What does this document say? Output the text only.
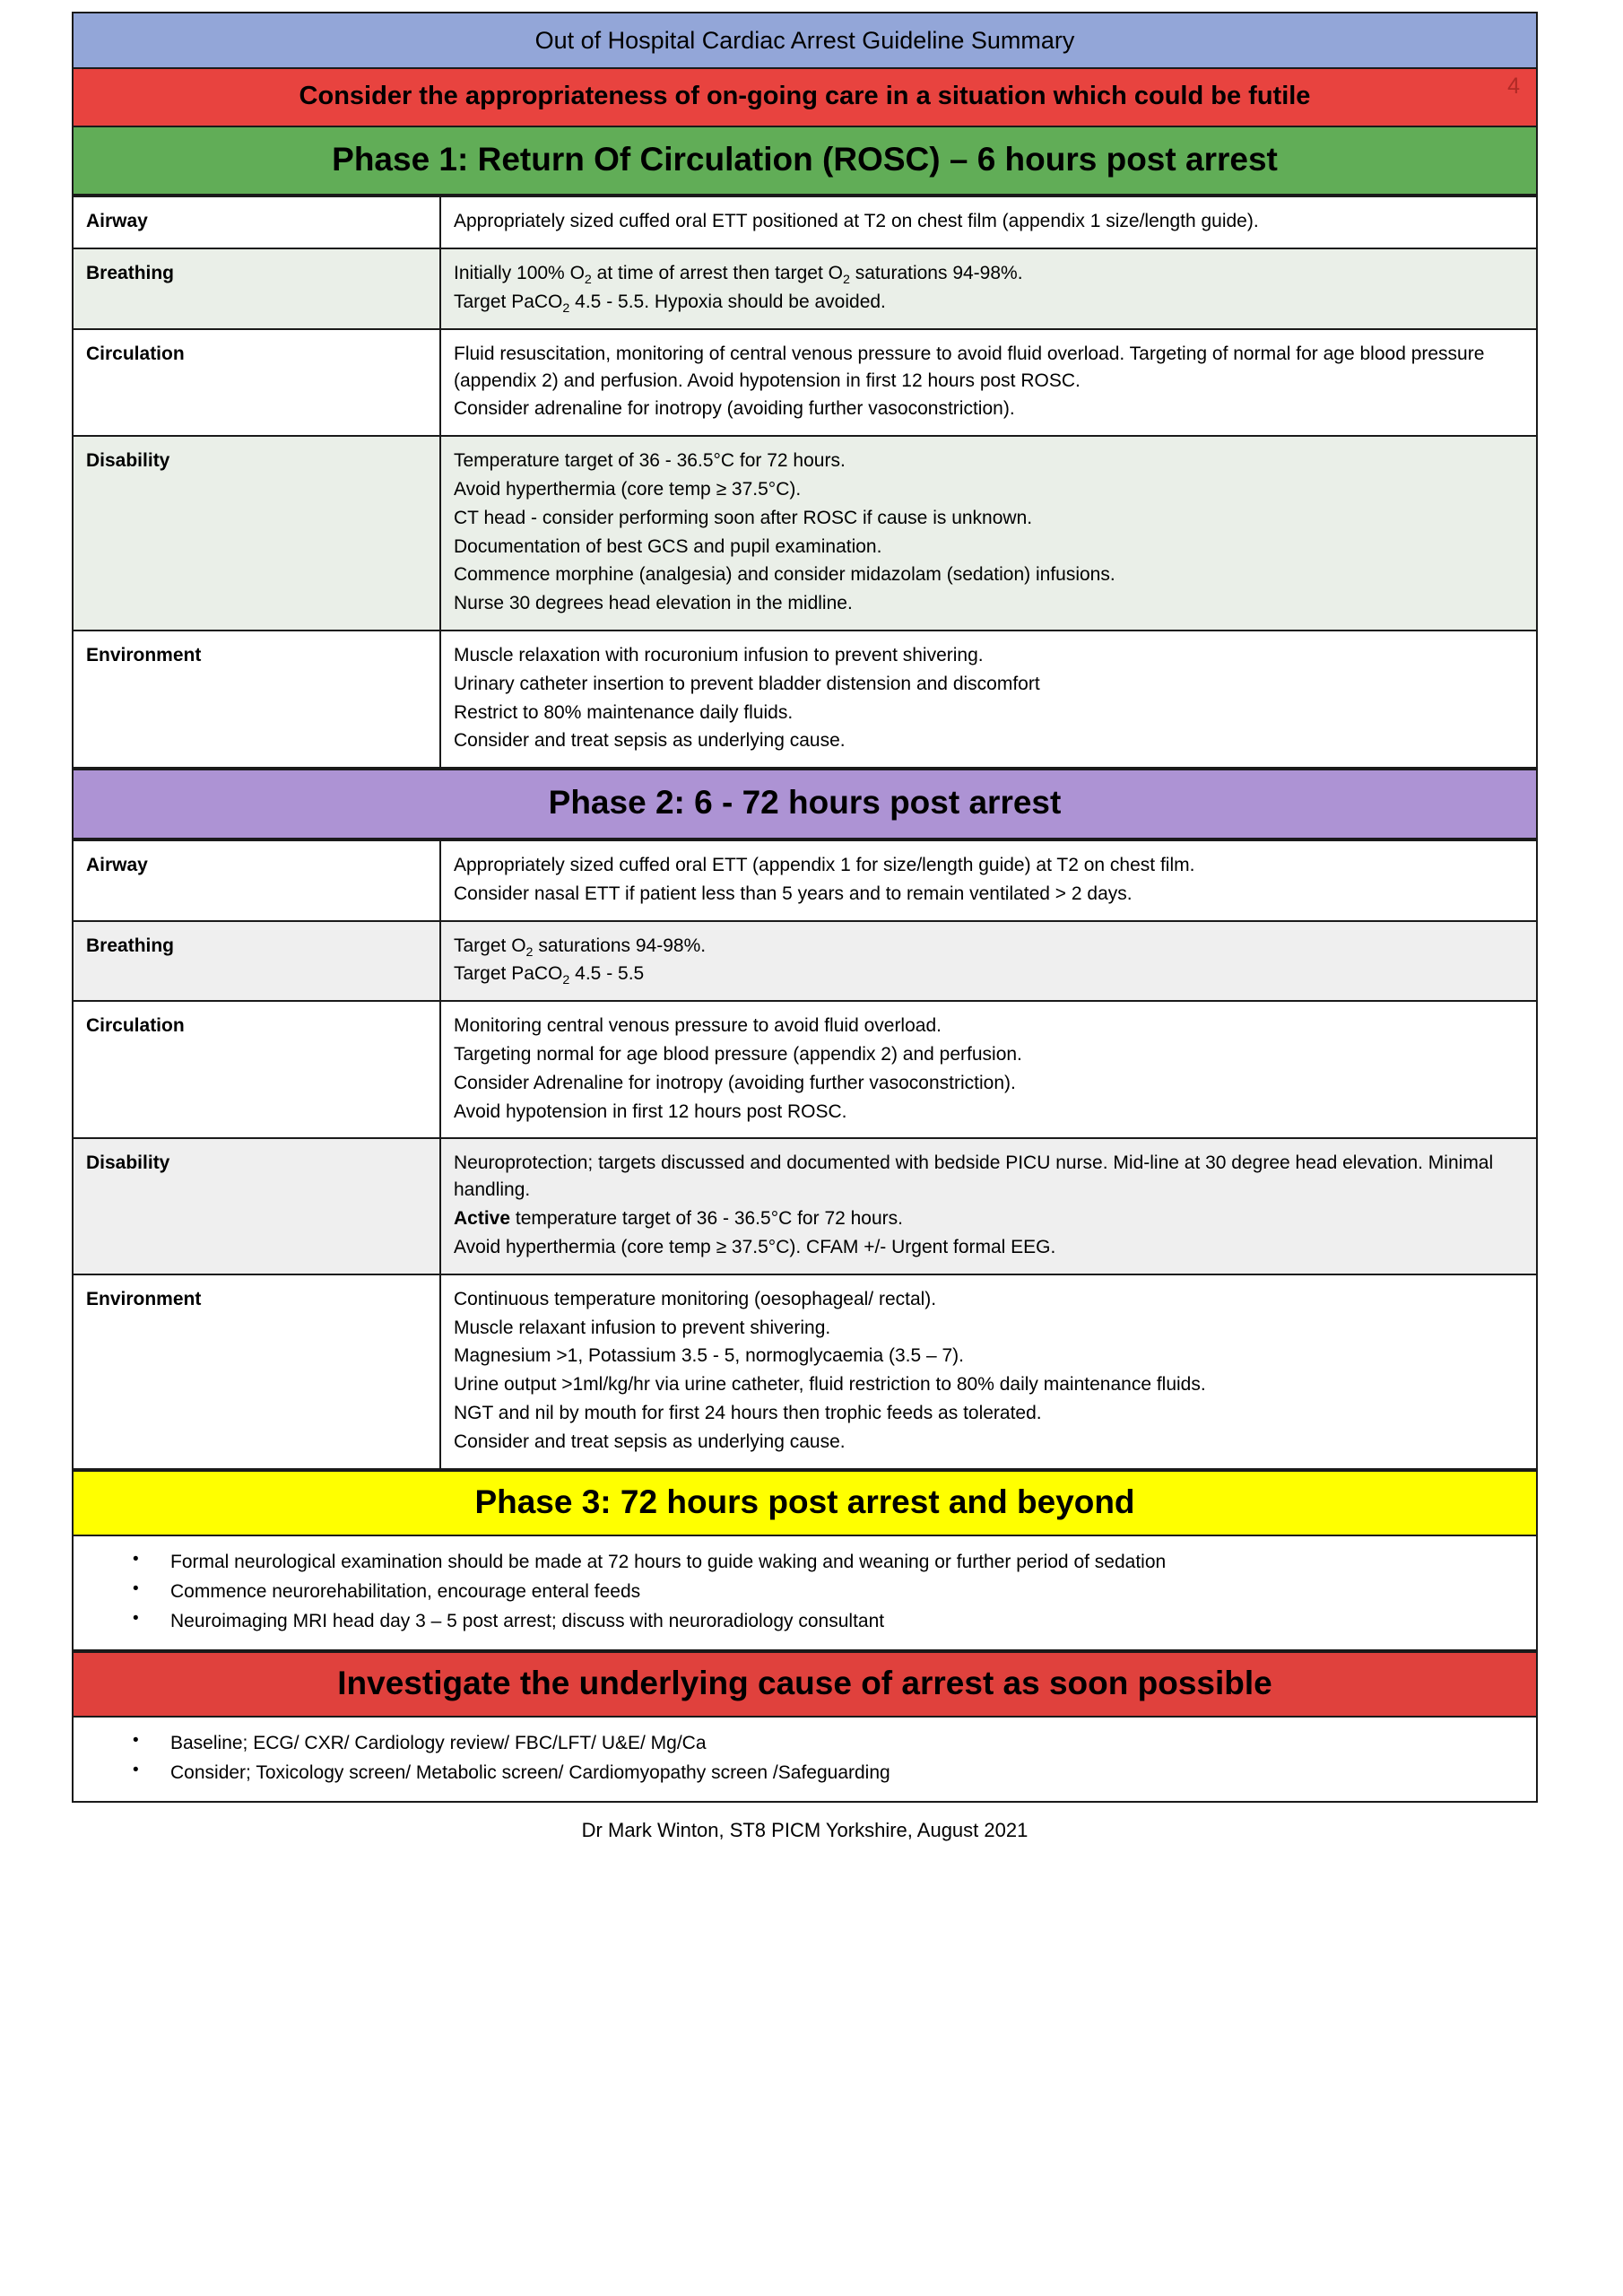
Out of Hospital Cardiac Arrest Guideline Summary
Consider the appropriateness of on-going care in a situation which could be futile	4
Phase 1: Return Of Circulation (ROSC) – 6 hours post arrest
Airway	Appropriately sized cuffed oral ETT positioned at T2 on chest film (appendix 1 size/length guide).

Breathing	Initially 100% $O_2$ at time of arrest then target $O_2$ saturations 94-98%.
Target PaCO$_2$ 4.5 - 5.5. Hypoxia should be avoided.

Circulation	Fluid resuscitation, monitoring of central venous pressure to avoid fluid overload. Targeting of normal for age blood pressure (appendix 2) and perfusion. Avoid hypotension in first 12 hours post ROSC.
Consider adrenaline for inotropy (avoiding further vasoconstriction).

Disability	Temperature target of 36 - 36.5°C for 72 hours.
Avoid hyperthermia (core temp ≥ 37.5°C).
CT head - consider performing soon after ROSC if cause is unknown.
Documentation of best GCS and pupil examination.
Commence morphine (analgesia) and consider midazolam (sedation) infusions.
Nurse 30 degrees head elevation in the midline.

Environment	Muscle relaxation with rocuronium infusion to prevent shivering.
Urinary catheter insertion to prevent bladder distension and discomfort
Restrict to 80% maintenance daily fluids.
Consider and treat sepsis as underlying cause.
Phase 2: 6 - 72 hours post arrest
Airway	Appropriately sized cuffed oral ETT (appendix 1 for size/length guide) at T2 on chest film.
Consider nasal ETT if patient less than 5 years and to remain ventilated > 2 days.

Breathing	Target $O_2$ saturations 94-98%.
Target PaCO$_2$ 4.5 - 5.5

Circulation	Monitoring central venous pressure to avoid fluid overload.
Targeting normal for age blood pressure (appendix 2) and perfusion.
Consider Adrenaline for inotropy (avoiding further vasoconstriction).
Avoid hypotension in first 12 hours post ROSC.

Disability	Neuroprotection; targets discussed and documented with bedside PICU nurse. Mid-line at 30 degree head elevation. Minimal handling.
Active temperature target of 36 - 36.5°C for 72 hours.
Avoid hyperthermia (core temp ≥ 37.5°C). CFAM +/- Urgent formal EEG.

Environment	Continuous temperature monitoring (oesophageal/ rectal).
Muscle relaxant infusion to prevent shivering.
Magnesium >1, Potassium 3.5 - 5, normoglycaemia (3.5 – 7).
Urine output >1ml/kg/hr via urine catheter, fluid restriction to 80% daily maintenance fluids.
NGT and nil by mouth for first 24 hours then trophic feeds as tolerated.
Consider and treat sepsis as underlying cause.
Phase 3: 72 hours post arrest and beyond
• Formal neurological examination should be made at 72 hours to guide waking and weaning or further period of sedation
• Commence neurorehabilitation, encourage enteral feeds
• Neuroimaging MRI head day 3 – 5 post arrest; discuss with neuroradiology consultant
Investigate the underlying cause of arrest as soon possible
• Baseline; ECG/ CXR/ Cardiology review/ FBC/LFT/ U&E/ Mg/Ca
• Consider; Toxicology screen/ Metabolic screen/ Cardiomyopathy screen /Safeguarding
Dr Mark Winton, ST8 PICM Yorkshire, August 2021
